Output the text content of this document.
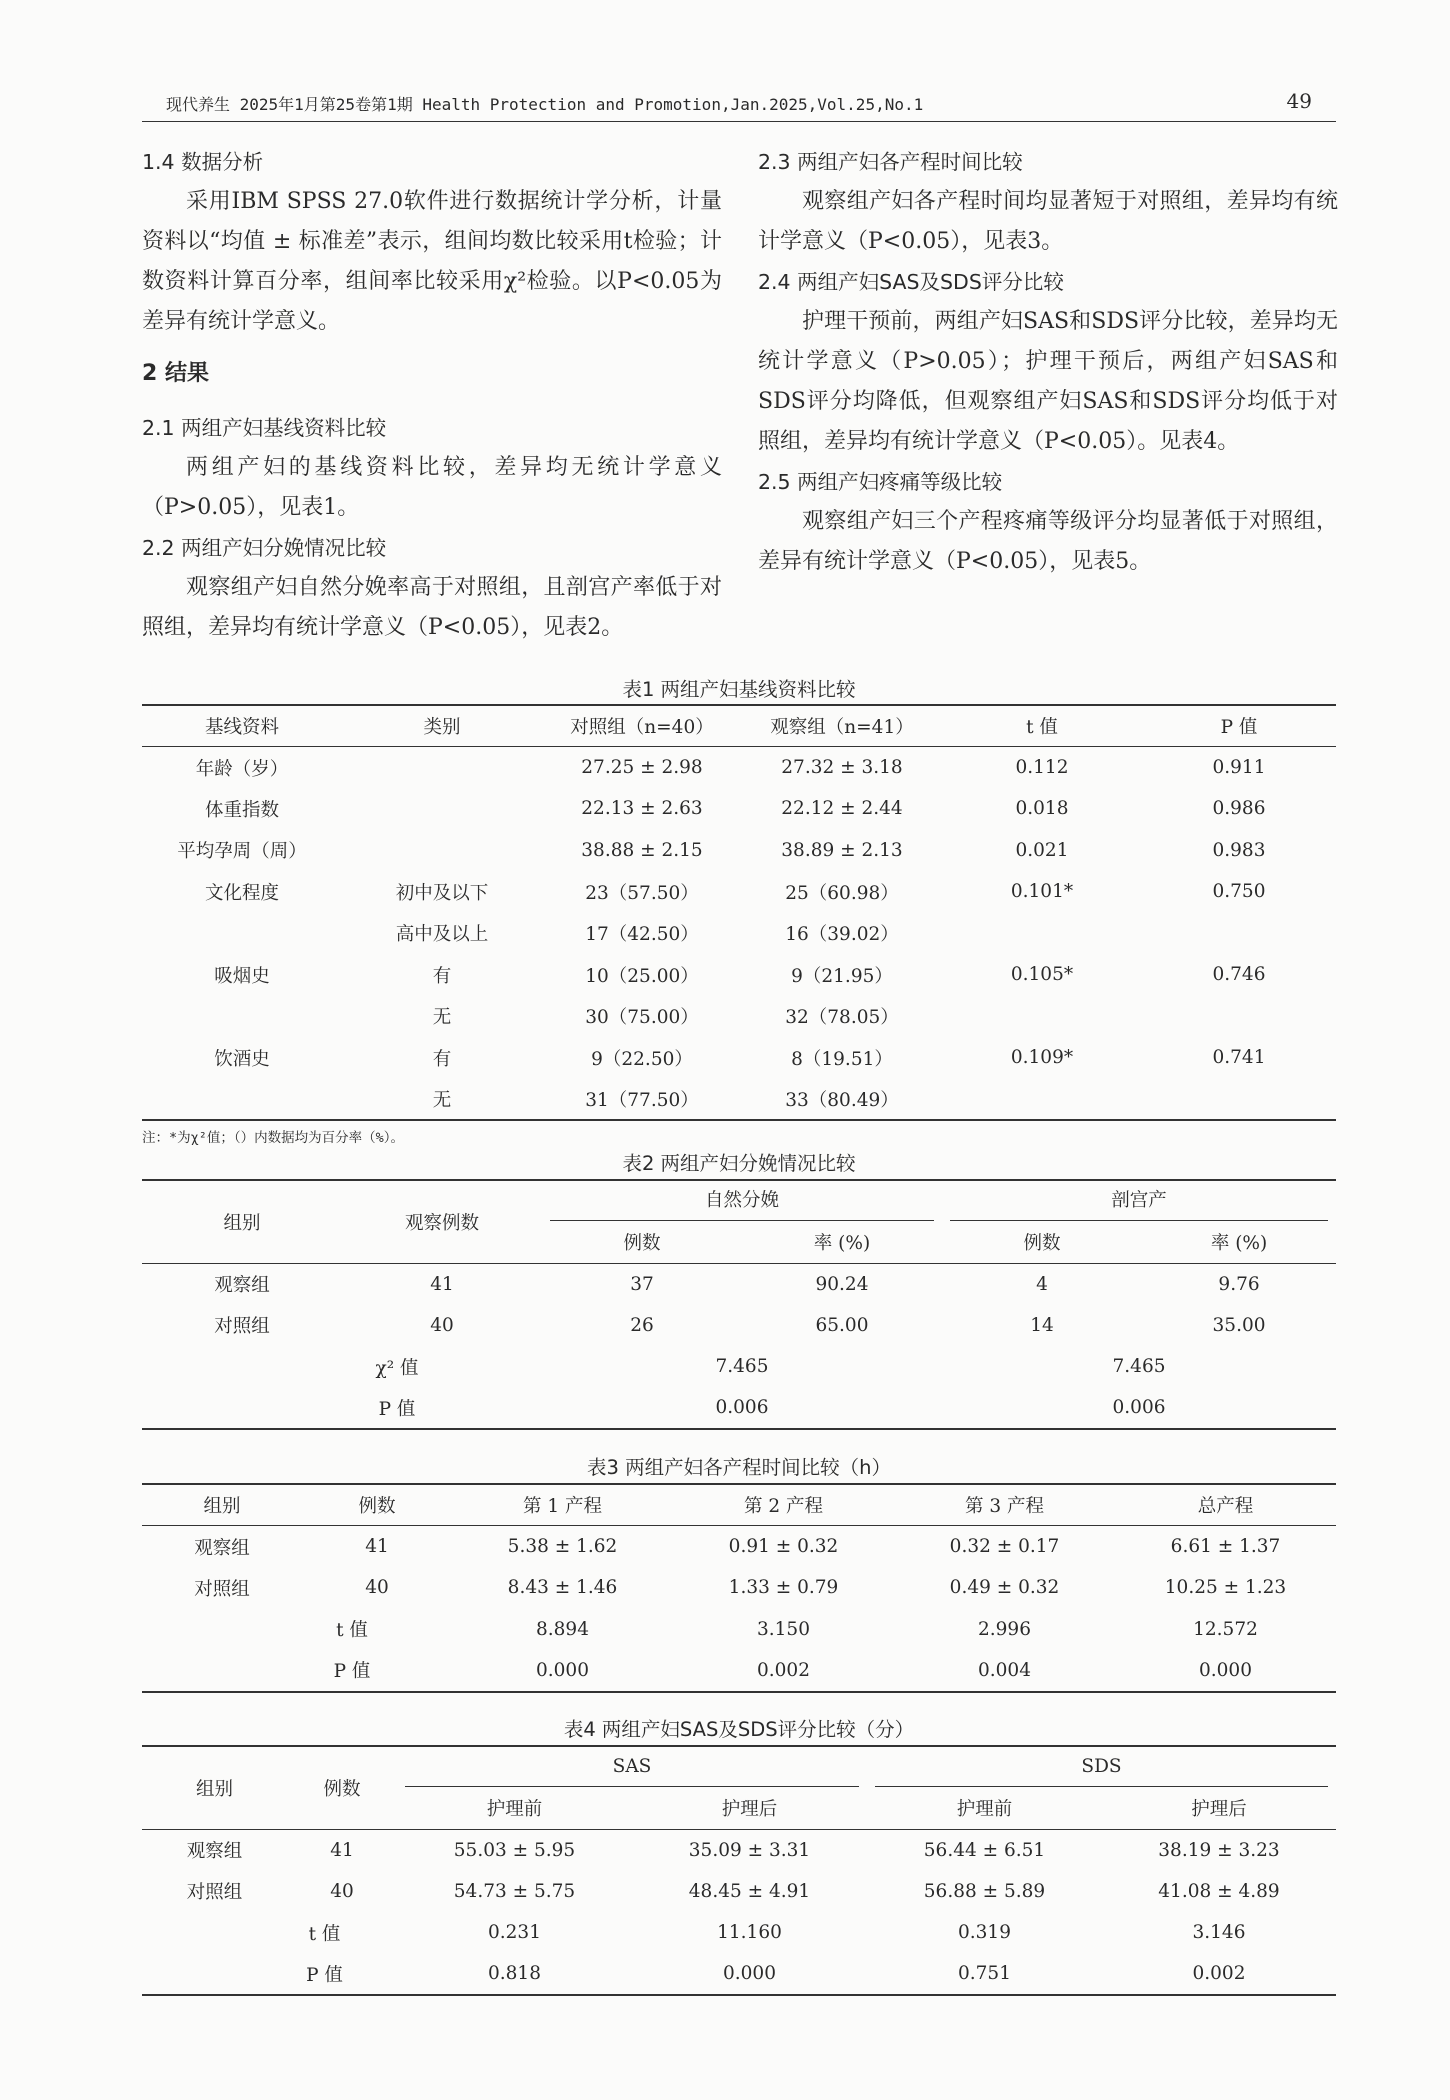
现代养生 2025年1月第25卷第1期 Health Protection and Promotion,Jan.2025,Vol.25,No.1	49
1.4 数据分析
采用IBM SPSS 27.0软件进行数据统计学分析，计量资料以“均值 ± 标准差”表示，组间均数比较采用t检验；计数资料计算百分率，组间率比较采用χ²检验。以P<0.05为差异有统计学意义。
2 结果
2.1 两组产妇基线资料比较
两组产妇的基线资料比较，差异均无统计学意义（P>0.05），见表1。
2.2 两组产妇分娩情况比较
观察组产妇自然分娩率高于对照组，且剖宫产率低于对照组，差异均有统计学意义（P<0.05），见表2。
2.3 两组产妇各产程时间比较
观察组产妇各产程时间均显著短于对照组，差异均有统计学意义（P<0.05），见表3。
2.4 两组产妇SAS及SDS评分比较
护理干预前，两组产妇SAS和SDS评分比较，差异均无统计学意义（P>0.05）；护理干预后，两组产妇SAS和SDS评分均降低，但观察组产妇SAS和SDS评分均低于对照组，差异均有统计学意义（P<0.05）。见表4。
2.5 两组产妇疼痛等级比较
观察组产妇三个产程疼痛等级评分均显著低于对照组，差异有统计学意义（P<0.05），见表5。
表1 两组产妇基线资料比较
基线资料	类别	对照组（n=40）	观察组（n=41）	t 值	P 值
年龄（岁）		27.25 ± 2.98	27.32 ± 3.18	0.112	0.911
体重指数		22.13 ± 2.63	22.12 ± 2.44	0.018	0.986
平均孕周（周）		38.88 ± 2.15	38.89 ± 2.13	0.021	0.983
文化程度	初中及以下	23（57.50）	25（60.98）	0.101*	0.750
	高中及以上	17（42.50）	16（39.02）		
吸烟史	有	10（25.00）	9（21.95）	0.105*	0.746
	无	30（75.00）	32（78.05）		
饮酒史	有	9（22.50）	8（19.51）	0.109*	0.741
	无	31（77.50）	33（80.49）		
注：*为χ²值；（）内数据均为百分率（%）。
表2 两组产妇分娩情况比较
组别	观察例数	自然分娩		剖宫产	

		例数	率 (%)	例数	率 (%)
观察组	41	37	90.24	4	9.76
对照组	40	26	65.00	14	35.00
χ² 值		7.465		7.465	
P 值		0.006		0.006	
表3 两组产妇各产程时间比较（h）
组别	例数	第 1 产程	第 2 产程	第 3 产程	总产程
观察组	41	5.38 ± 1.62	0.91 ± 0.32	0.32 ± 0.17	6.61 ± 1.37
对照组	40	8.43 ± 1.46	1.33 ± 0.79	0.49 ± 0.32	10.25 ± 1.23
t 值		8.894	3.150	2.996	12.572
P 值		0.000	0.002	0.004	0.000
表4 两组产妇SAS及SDS评分比较（分）
组别	例数	SAS		SDS	

		护理前	护理后	护理前	护理后
观察组	41	55.03 ± 5.95	35.09 ± 3.31	56.44 ± 6.51	38.19 ± 3.23
对照组	40	54.73 ± 5.75	48.45 ± 4.91	56.88 ± 5.89	41.08 ± 4.89
t 值		0.231	11.160	0.319	3.146
P 值		0.818	0.000	0.751	0.002
